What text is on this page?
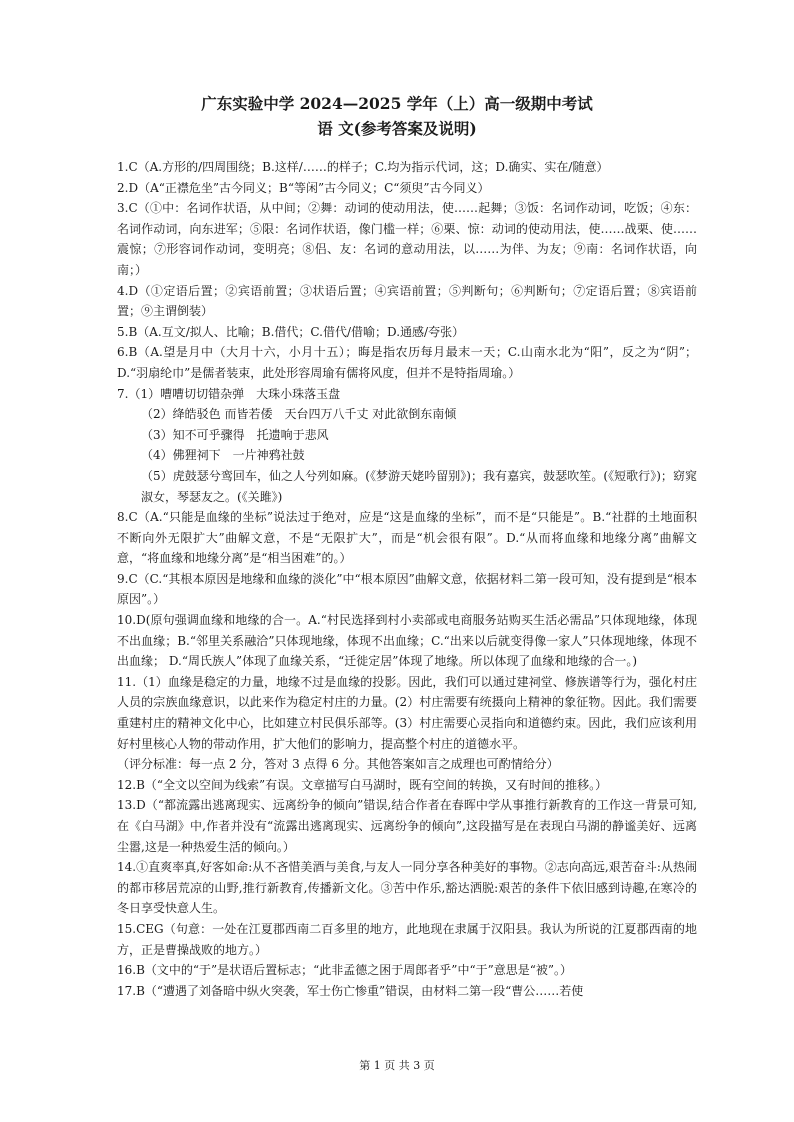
广东实验中学 2024—2025 学年（上）高一级期中考试
语 文(参考答案及说明)

1.C（A.方形的/四周围绕；B.这样/……的样子；C.均为指示代词，这；D.确实、实在/随意）

2.D（A“正襟危坐”古今同义；B“等闲”古今同义；C“须臾”古今同义）

3.C（①中：名词作状语，从中间；②舞：动词的使动用法，使……起舞；③饭：名词作动词，吃饭；④东：名词作动词，向东进军；⑤限：名词作状语，像门槛一样；⑥栗、惊：动词的使动用法，使……战栗、使……震惊；⑦形容词作动词，变明亮；⑧侣、友：名词的意动用法，以……为伴、为友；⑨南：名词作状语，向南；）

4.D（①定语后置；②宾语前置；③状语后置；④宾语前置；⑤判断句；⑥判断句；⑦定语后置；⑧宾语前置；⑨主谓倒装）

5.B（A.互文/拟人、比喻；B.借代；C.借代/借喻；D.通感/夸张）

6.B（A.望是月中（大月十六，小月十五）；晦是指农历每月最末一天；C.山南水北为“阳”，反之为“阴”；D.“羽扇纶巾”是儒者装束，此处形容周瑜有儒将风度，但并不是特指周瑜。）

7.（1）嘈嘈切切错杂弹　大珠小珠落玉盘

（2）绛皓驳色 而皆若倭　天台四万八千丈 对此欲倒东南倾

（3）知不可乎骤得　托遗响于悲风

（4）佛狸祠下　一片神鸦社鼓

（5）虎鼓瑟兮鸾回车，仙之人兮列如麻。(《梦游天姥吟留别》)；我有嘉宾，鼓瑟吹笙。(《短歌行》)；窈窕淑女，琴瑟友之。(《关雎》)

8.C（A.“只能是血缘的坐标”说法过于绝对，应是“这是血缘的坐标”，而不是“只能是”。B.“社群的土地面积不断向外无限扩大”曲解文意，不是“无限扩大”，而是“机会很有限”。D.“从而将血缘和地缘分离”曲解文意，“将血缘和地缘分离”是“相当困难”的。）

9.C（C.“其根本原因是地缘和血缘的淡化”中“根本原因”曲解文意，依据材料二第一段可知，没有提到是“根本原因”。）

10.D(原句强调血缘和地缘的合一。A.“村民选择到村小卖部或电商服务站购买生活必需品”只体现地缘，体现不出血缘；B.“邻里关系融洽”只体现地缘，体现不出血缘；C.“出来以后就变得像一家人”只体现地缘，体现不出血缘； D.“周氏族人”体现了血缘关系，“迁徙定居”体现了地缘。所以体现了血缘和地缘的合一。)

11.（1）血缘是稳定的力量，地缘不过是血缘的投影。因此，我们可以通过建祠堂、修族谱等行为，强化村庄人员的宗族血缘意识，以此来作为稳定村庄的力量。(2）村庄需要有统摄向上精神的象征物。因此。我们需要重建村庄的精神文化中心，比如建立村民俱乐部等。(3）村庄需要心灵指向和道德约束。因此，我们应该利用好村里核心人物的带动作用，扩大他们的影响力，提高整个村庄的道德水平。

（评分标准：每一点 2 分，答对 3 点得 6 分。其他答案如言之成理也可酌情给分）

12.B（“全文以空间为线索”有误。文章描写白马湖时，既有空间的转换，又有时间的推移。）

13.D（“都流露出逃离现实、远离纷争的倾向”错误,结合作者在春晖中学从事推行新教育的工作这一背景可知,在《白马湖》中,作者并没有“流露出逃离现实、远离纷争的倾向”,这段描写是在表现白马湖的静谧美好、远离尘嚣,这是一种热爱生活的倾向。）

14.①直爽率真,好客如命:从不吝惜美酒与美食,与友人一同分享各种美好的事物。②志向高远,艰苦奋斗:从热闹的都市移居荒凉的山野,推行新教育,传播新文化。③苦中作乐,豁达洒脱:艰苦的条件下依旧感到诗趣,在寒冷的冬日享受快意人生。

15.CEG（句意：一处在江夏郡西南二百多里的地方，此地现在隶属于汉阳县。我认为所说的江夏郡西南的地方，正是曹操战败的地方。）

16.B（文中的“于”是状语后置标志；“此非孟德之困于周郎者乎”中“于”意思是“被”。）

17.B（“遭遇了刘备暗中纵火突袭，军士伤亡惨重”错误，由材料二第一段“曹公……若使

第 1 页 共 3 页
